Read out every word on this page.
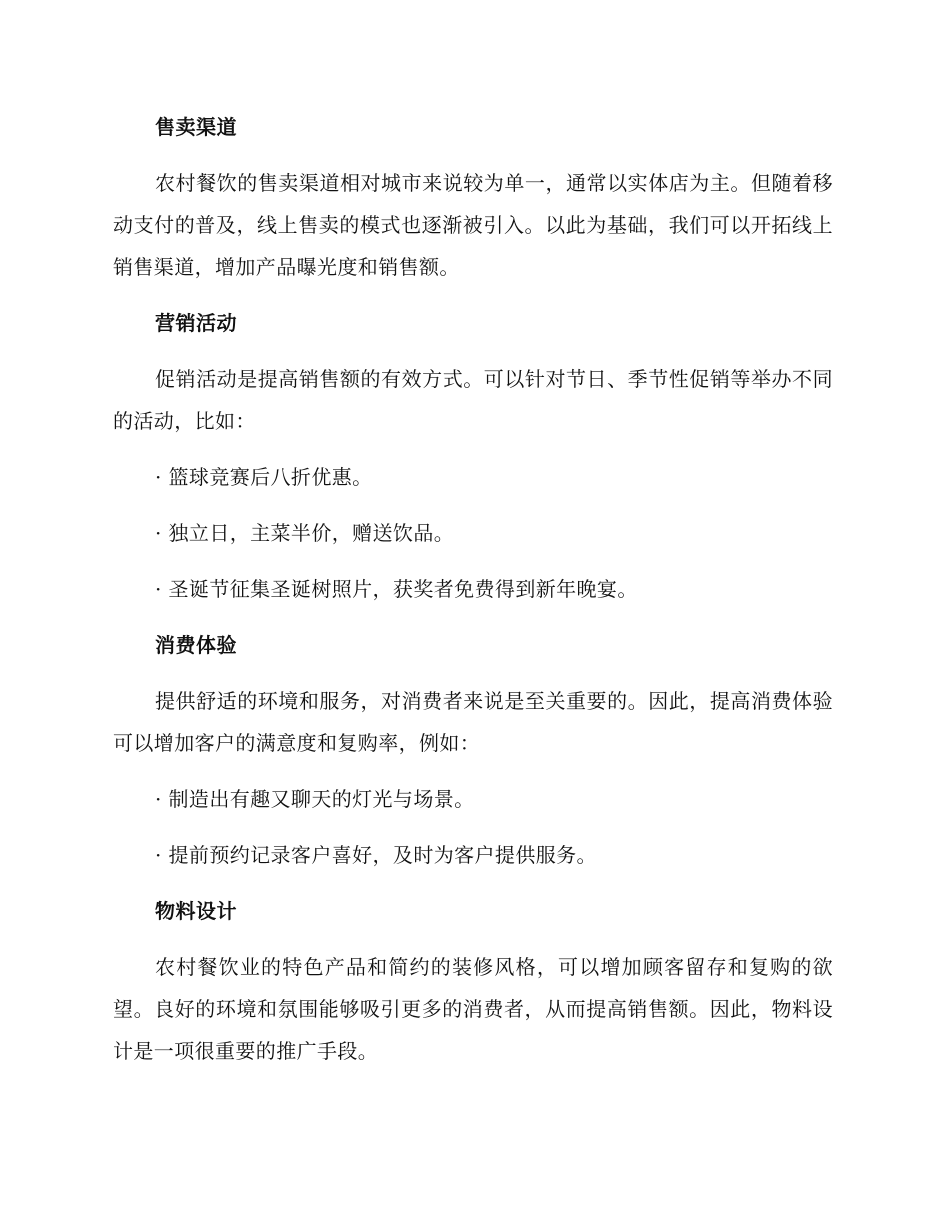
售卖渠道

农村餐饮的售卖渠道相对城市来说较为单一，通常以实体店为主。但随着移动支付的普及，线上售卖的模式也逐渐被引入。以此为基础，我们可以开拓线上销售渠道，增加产品曝光度和销售额。

营销活动

促销活动是提高销售额的有效方式。可以针对节日、季节性促销等举办不同的活动，比如：

· 篮球竞赛后八折优惠。
· 独立日，主菜半价，赠送饮品。
· 圣诞节征集圣诞树照片，获奖者免费得到新年晚宴。
消费体验

提供舒适的环境和服务，对消费者来说是至关重要的。因此，提高消费体验可以增加客户的满意度和复购率，例如：

· 制造出有趣又聊天的灯光与场景。
· 提前预约记录客户喜好，及时为客户提供服务。
物料设计

农村餐饮业的特色产品和简约的装修风格，可以增加顾客留存和复购的欲望。良好的环境和氛围能够吸引更多的消费者，从而提高销售额。因此，物料设计是一项很重要的推广手段。
